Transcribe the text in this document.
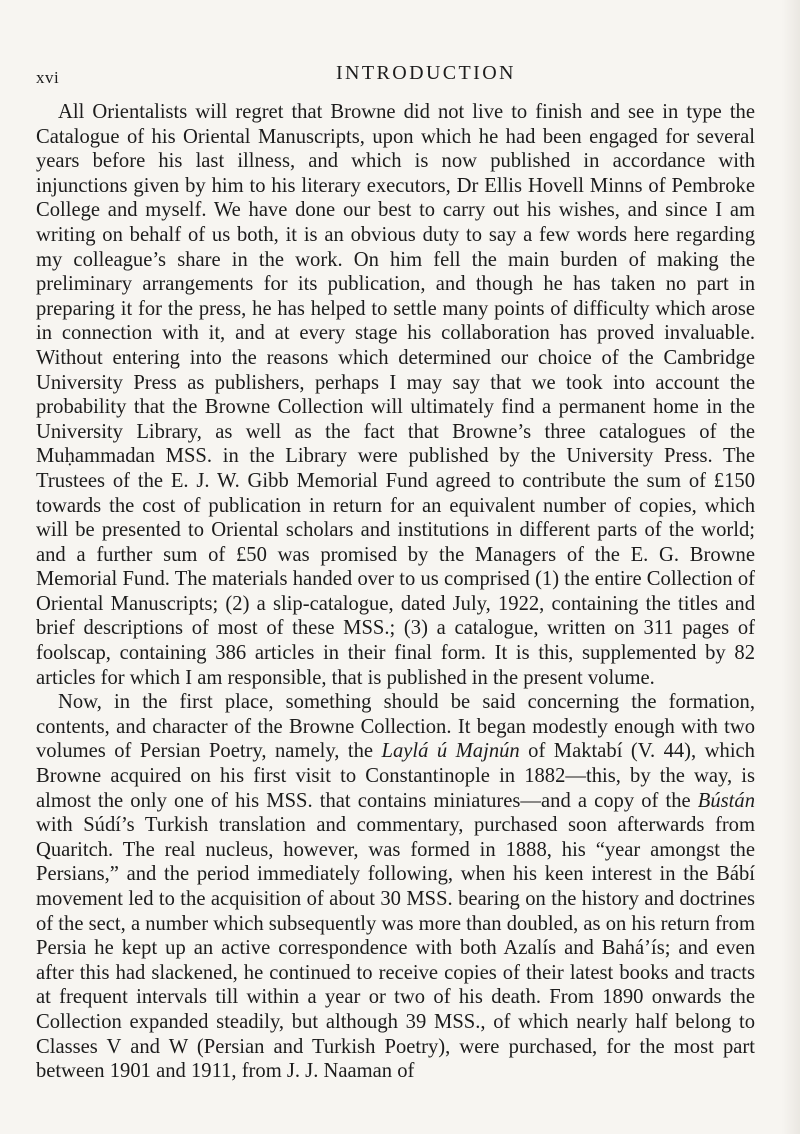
xvi	INTRODUCTION

All Orientalists will regret that Browne did not live to finish and see in type the Catalogue of his Oriental Manuscripts, upon which he had been engaged for several years before his last illness, and which is now published in accordance with injunctions given by him to his literary executors, Dr Ellis Hovell Minns of Pembroke College and myself. We have done our best to carry out his wishes, and since I am writing on behalf of us both, it is an obvious duty to say a few words here regarding my colleague’s share in the work. On him fell the main burden of making the preliminary arrangements for its publication, and though he has taken no part in preparing it for the press, he has helped to settle many points of difficulty which arose in connection with it, and at every stage his collaboration has proved invaluable. Without entering into the reasons which determined our choice of the Cambridge University Press as publishers, perhaps I may say that we took into account the probability that the Browne Collection will ultimately find a permanent home in the University Library, as well as the fact that Browne’s three catalogues of the Muḥammadan MSS. in the Library were published by the University Press. The Trustees of the E. J. W. Gibb Memorial Fund agreed to contribute the sum of £150 towards the cost of publication in return for an equivalent number of copies, which will be presented to Oriental scholars and institutions in different parts of the world; and a further sum of £50 was promised by the Managers of the E. G. Browne Memorial Fund. The materials handed over to us comprised (1) the entire Collection of Oriental Manuscripts; (2) a slip-catalogue, dated July, 1922, containing the titles and brief descriptions of most of these MSS.; (3) a catalogue, written on 311 pages of foolscap, containing 386 articles in their final form. It is this, supplemented by 82 articles for which I am responsible, that is published in the present volume.

Now, in the first place, something should be said concerning the formation, contents, and character of the Browne Collection. It began modestly enough with two volumes of Persian Poetry, namely, the Laylá ú Majnún of Maktabí (V. 44), which Browne acquired on his first visit to Constantinople in 1882—this, by the way, is almost the only one of his MSS. that contains miniatures—and a copy of the Bústán with Súdí’s Turkish translation and commentary, purchased soon afterwards from Quaritch. The real nucleus, however, was formed in 1888, his “year amongst the Persians,” and the period immediately following, when his keen interest in the Bábí movement led to the acquisition of about 30 MSS. bearing on the history and doctrines of the sect, a number which subsequently was more than doubled, as on his return from Persia he kept up an active correspondence with both Azalís and Bahá’ís; and even after this had slackened, he continued to receive copies of their latest books and tracts at frequent intervals till within a year or two of his death. From 1890 onwards the Collection expanded steadily, but although 39 MSS., of which nearly half belong to Classes V and W (Persian and Turkish Poetry), were purchased, for the most part between 1901 and 1911, from J. J. Naaman of
